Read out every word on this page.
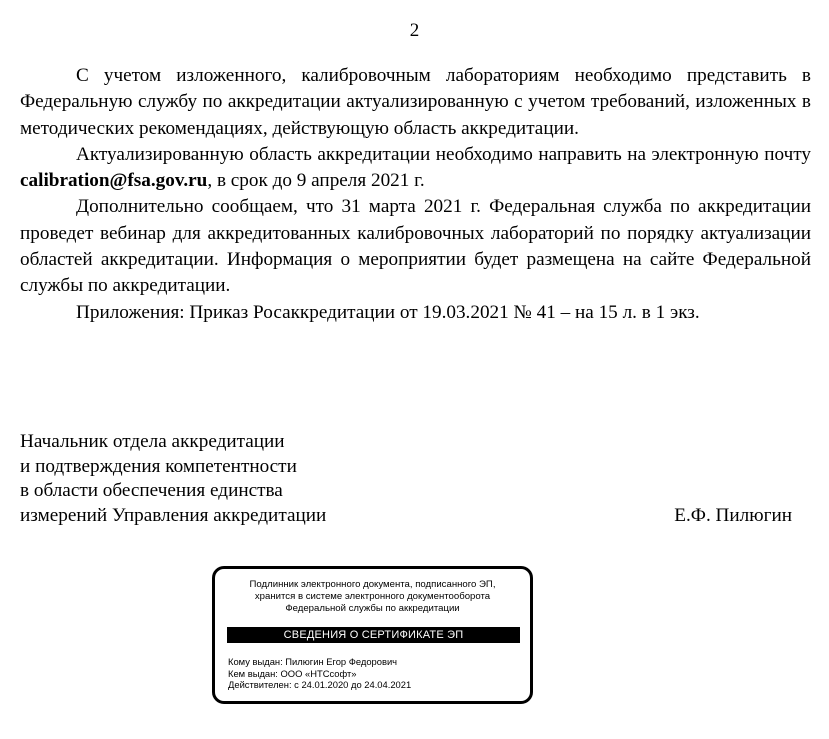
2

С учетом изложенного, калибровочным лабораториям необходимо представить в Федеральную службу по аккредитации актуализированную с учетом требований, изложенных в методических рекомендациях, действующую область аккредитации.

Актуализированную область аккредитации необходимо направить на электронную почту calibration@fsa.gov.ru, в срок до 9 апреля 2021 г.

Дополнительно сообщаем, что 31 марта 2021 г. Федеральная служба по аккредитации проведет вебинар для аккредитованных калибровочных лабораторий по порядку актуализации областей аккредитации. Информация о мероприятии будет размещена на сайте Федеральной службы по аккредитации.

Приложения: Приказ Росаккредитации от 19.03.2021 № 41 – на 15 л. в 1 экз.

Начальник отдела аккредитации
и подтверждения компетентности
в области обеспечения единства
измерений Управления аккредитации	Е.Ф. Пилюгин
Подлинник электронного документа, подписанного ЭП,
хранится в системе электронного документооборота
Федеральной службы по аккредитации
СВЕДЕНИЯ О СЕРТИФИКАТЕ ЭП
Кому выдан: Пилюгин Егор Федорович
Кем выдан: ООО «НТСсофт»
Действителен: с 24.01.2020 до 24.04.2021
